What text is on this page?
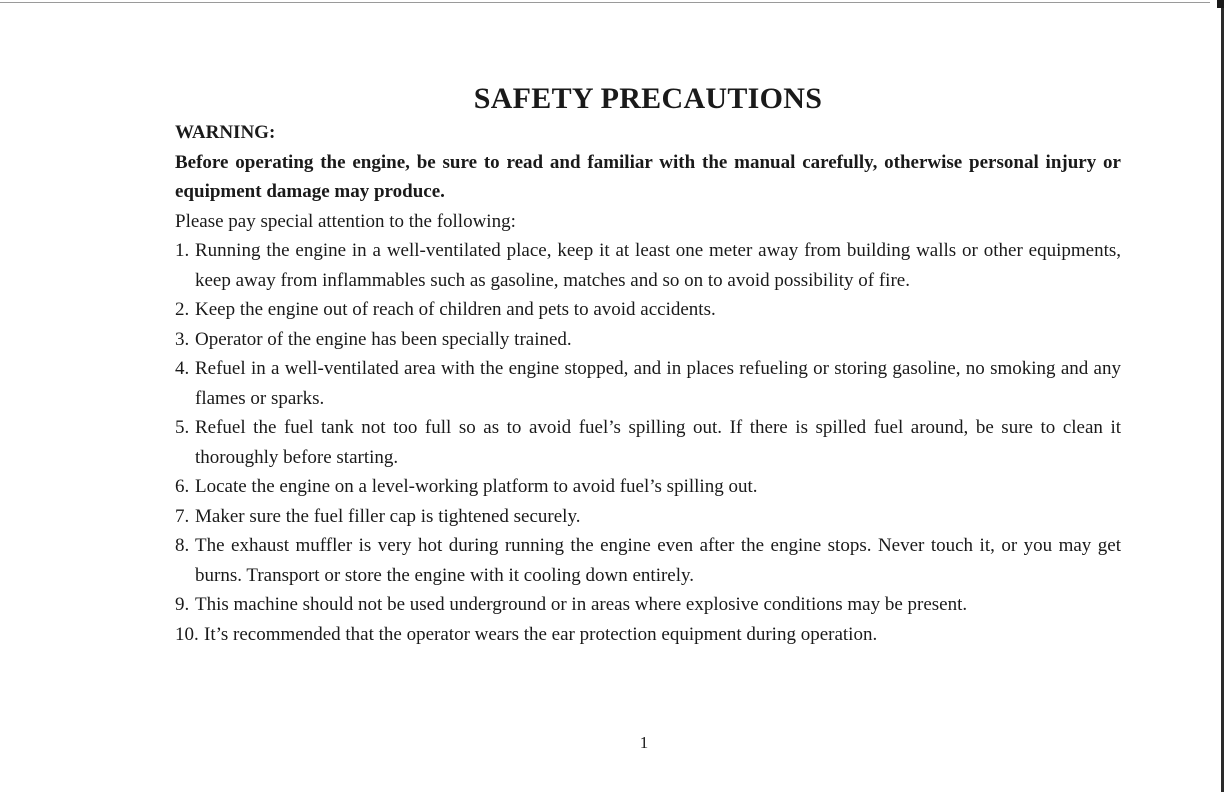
SAFETY PRECAUTIONS
WARNING:
Before operating the engine, be sure to read and familiar with the manual carefully, otherwise personal injury or equipment damage may produce.

Please pay special attention to the following:

1. Running the engine in a well-ventilated place, keep it at least one meter away from building walls or other equipments, keep away from inflammables such as gasoline, matches and so on to avoid possibility of fire.
2. Keep the engine out of reach of children and pets to avoid accidents.
3. Operator of the engine has been specially trained.
4. Refuel in a well-ventilated area with the engine stopped, and in places refueling or storing gasoline, no smoking and any flames or sparks.
5. Refuel the fuel tank not too full so as to avoid fuel’s spilling out. If there is spilled fuel around, be sure to clean it thoroughly before starting.
6. Locate the engine on a level-working platform to avoid fuel’s spilling out.
7. Maker sure the fuel filler cap is tightened securely.
8. The exhaust muffler is very hot during running the engine even after the engine stops. Never touch it, or you may get burns. Transport or store the engine with it cooling down entirely.
9. This machine should not be used underground or in areas where explosive conditions may be present.
10. It’s recommended that the operator wears the ear protection equipment during operation.
1
